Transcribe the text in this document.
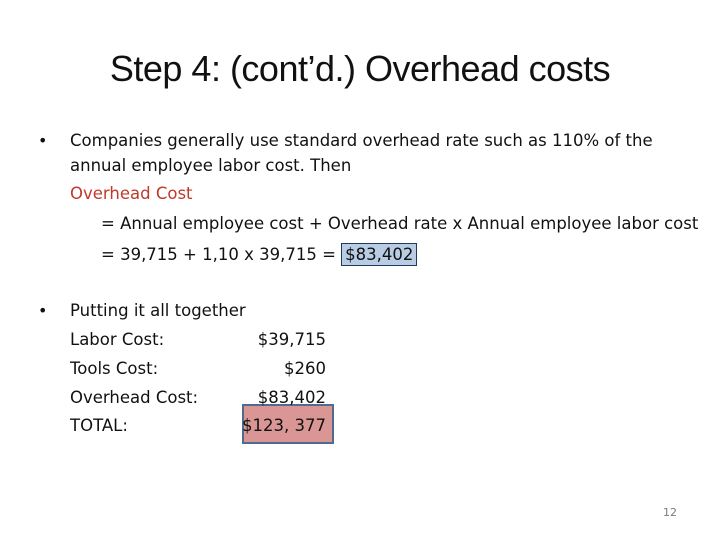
Step 4: (cont’d.) Overhead costs
• Companies generally use standard overhead rate such as 110% of the
annual employee labor cost. Then
Overhead Cost
= Annual employee cost + Overhead rate x Annual employee labor cost
= 39,715 + 1,10 x 39,715 = $83,402
• Putting it all together
Labor Cost:	$39,715
Tools Cost:	$260
Overhead Cost:	$83,402
TOTAL:	$123, 377
12
